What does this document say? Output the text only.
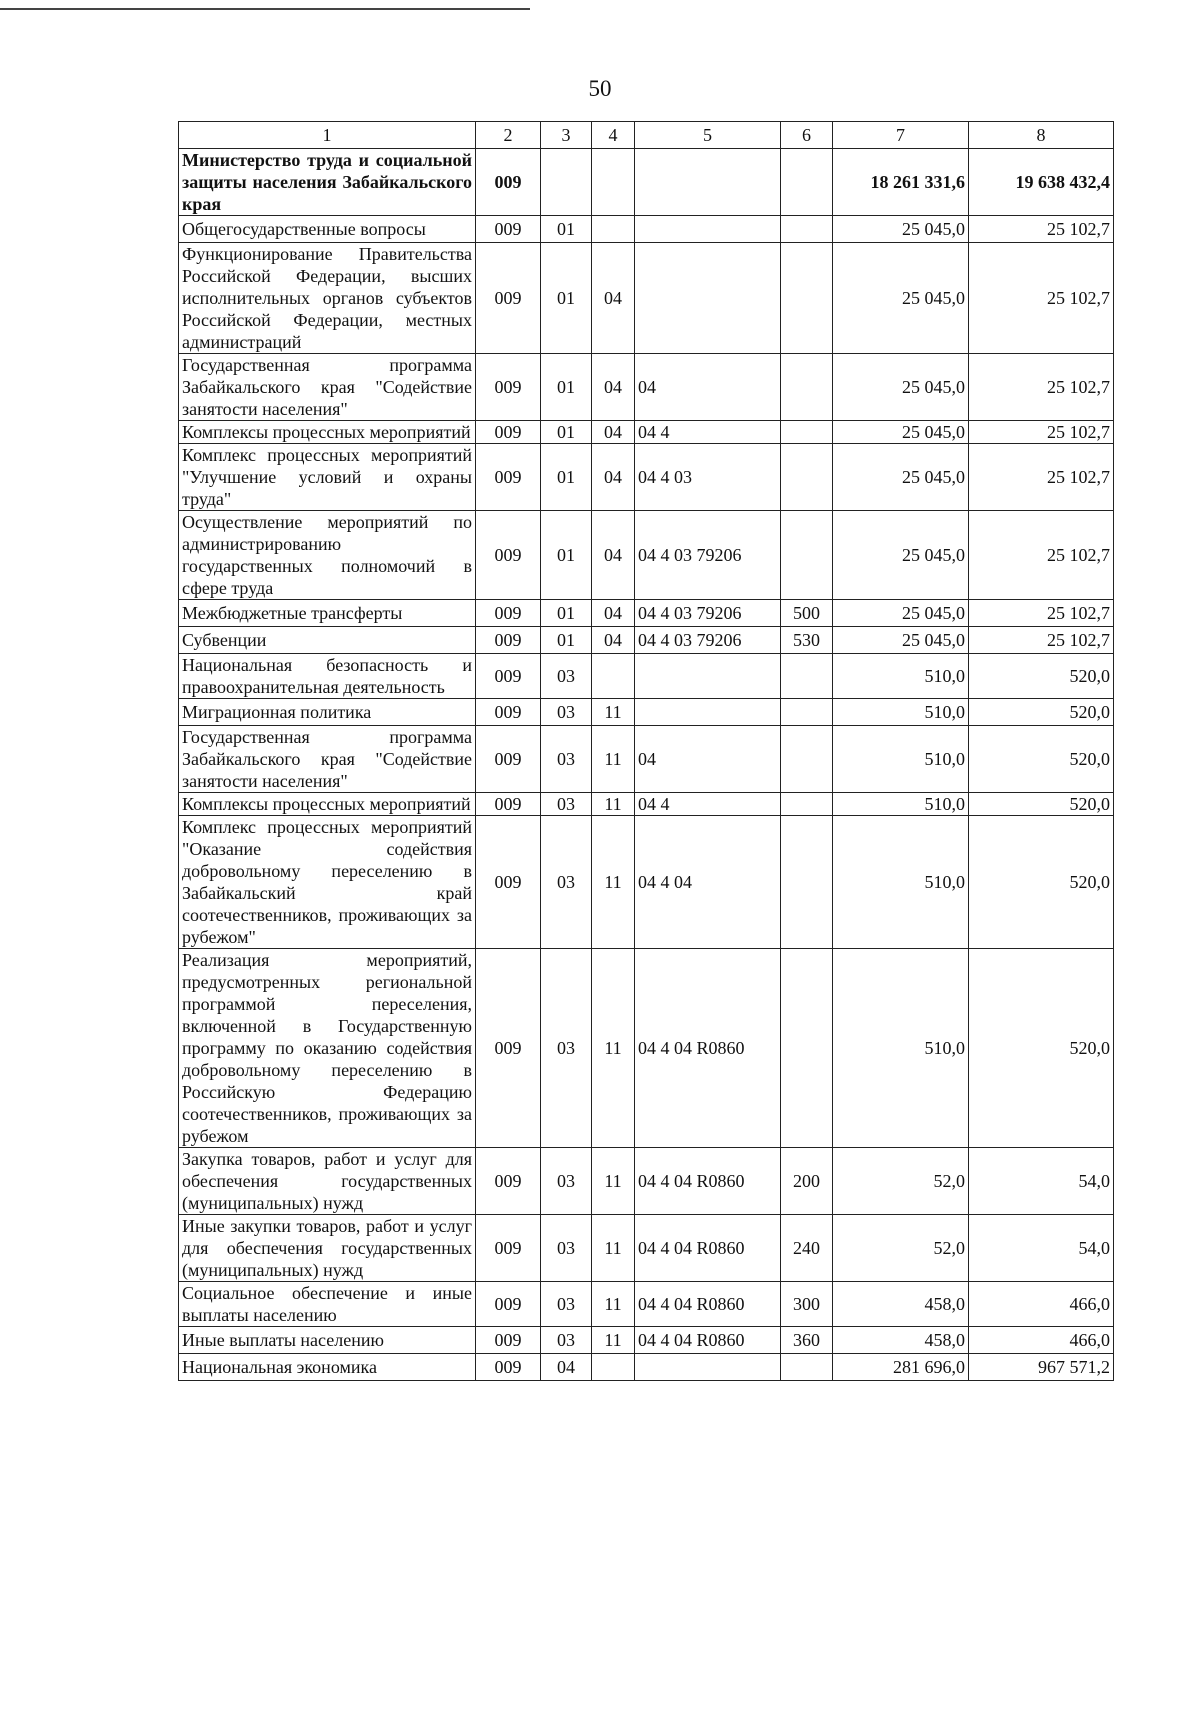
50
1	2	3	4	5	6	7	8
Министерство труда и социальной защиты населения Забайкальского края	009					18 261 331,6	19 638 432,4
Общегосударственные вопросы	009	01				25 045,0	25 102,7
Функционирование Правительства Российской Федерации, высших исполнительных органов субъектов Российской Федерации, местных администраций	009	01	04			25 045,0	25 102,7
Государственная программа Забайкальского края "Содействие занятости населения"	009	01	04	04		25 045,0	25 102,7
Комплексы процессных мероприятий	009	01	04	04 4		25 045,0	25 102,7
Комплекс процессных мероприятий "Улучшение условий и охраны труда"	009	01	04	04 4 03		25 045,0	25 102,7
Осуществление мероприятий по администрированию государственных полномочий в сфере труда	009	01	04	04 4 03 79206		25 045,0	25 102,7
Межбюджетные трансферты	009	01	04	04 4 03 79206	500	25 045,0	25 102,7
Субвенции	009	01	04	04 4 03 79206	530	25 045,0	25 102,7
Национальная безопасность и правоохранительная деятельность	009	03				510,0	520,0
Миграционная политика	009	03	11			510,0	520,0
Государственная программа Забайкальского края "Содействие занятости населения"	009	03	11	04		510,0	520,0
Комплексы процессных мероприятий	009	03	11	04 4		510,0	520,0
Комплекс процессных мероприятий "Оказание содействия добровольному переселению в Забайкальский край соотечественников, проживающих за рубежом"	009	03	11	04 4 04		510,0	520,0
Реализация мероприятий, предусмотренных региональной программой переселения, включенной в Государственную программу по оказанию содействия добровольному переселению в Российскую Федерацию соотечественников, проживающих за рубежом	009	03	11	04 4 04 R0860		510,0	520,0
Закупка товаров, работ и услуг для обеспечения государственных (муниципальных) нужд	009	03	11	04 4 04 R0860	200	52,0	54,0
Иные закупки товаров, работ и услуг для обеспечения государственных (муниципальных) нужд	009	03	11	04 4 04 R0860	240	52,0	54,0
Социальное обеспечение и иные выплаты населению	009	03	11	04 4 04 R0860	300	458,0	466,0
Иные выплаты населению	009	03	11	04 4 04 R0860	360	458,0	466,0
Национальная экономика	009	04				281 696,0	967 571,2
